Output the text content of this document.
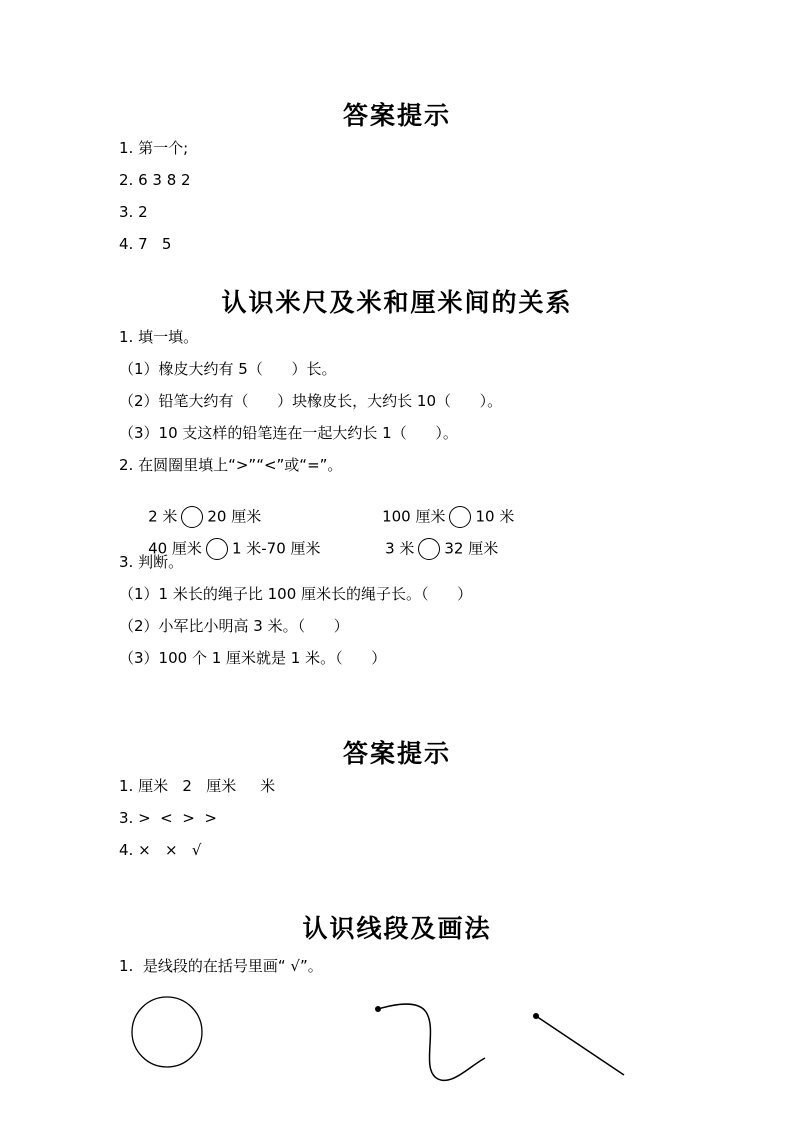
答案提示
1. 第一个;
2. 6 3 8 2
3. 2
4. 7   5
认识米尺及米和厘米间的关系
1. 填一填。
（1）橡皮大约有 5（      ）长。
（2）铅笔大约有（      ）块橡皮长，大约长 10（      ）。
（3）10 支这样的铅笔连在一起大约长 1（      ）。
2. 在圆圈里填上“>”“<”或“=”。

2 米 20 厘米
	100 厘米 10 米

40 厘米 1 米-70 厘米
	3 米 32 厘米

3. 判断。
（1）1 米长的绳子比 100 厘米长的绳子长。（      ）
（2）小军比小明高 3 米。（      ）
（3）100 个 1 厘米就是 1 米。（      ）
答案提示
1. 厘米   2   厘米     米
3. >  <  >  >
4. ×   ×   √
认识线段及画法
1.  是线段的在括号里画“ √”。
